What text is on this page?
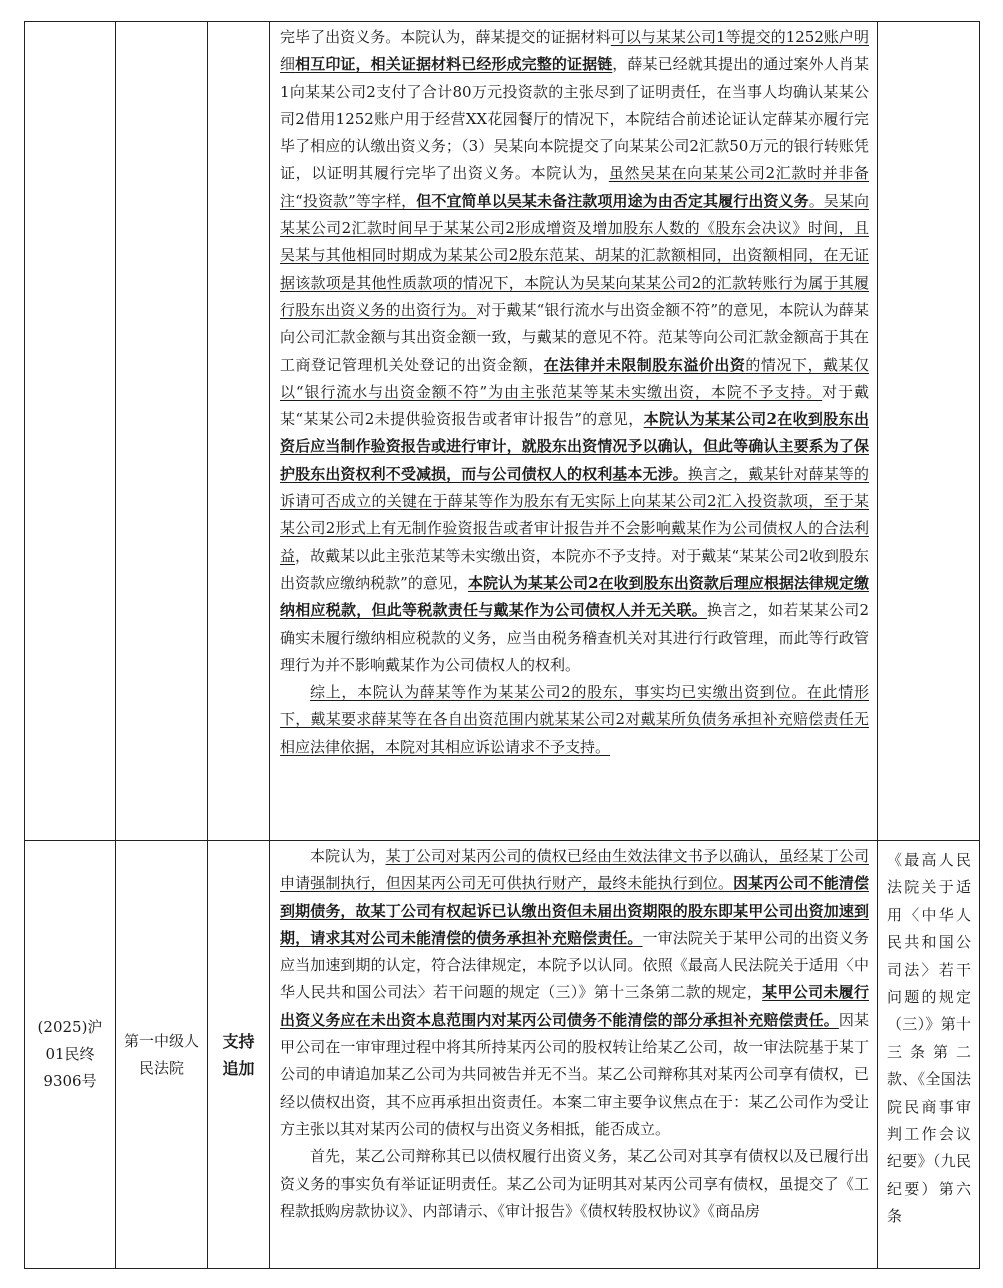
			完毕了出资义务。本院认为，薛某提交的证据材料可以与某某公司1等提交的1252账户明细相互印证，相关证据材料已经形成完整的证据链，薛某已经就其提出的通过案外人肖某1向某某公司2支付了合计80万元投资款的主张尽到了证明责任，在当事人均确认某某公司2借用1252账户用于经营XX花园餐厅的情况下，本院结合前述论证认定薛某亦履行完毕了相应的认缴出资义务；（3）吴某向本院提交了向某某公司2汇款50万元的银行转账凭证，以证明其履行完毕了出资义务。本院认为，虽然吴某在向某某公司2汇款时并非备注“投资款”等字样，但不宜简单以吴某未备注款项用途为由否定其履行出资义务。吴某向某某公司2汇款时间早于某某公司2形成增资及增加股东人数的《股东会决议》时间，且吴某与其他相同时期成为某某公司2股东范某、胡某的汇款额相同，出资额相同，在无证据该款项是其他性质款项的情况下，本院认为吴某向某某公司2的汇款转账行为属于其履行股东出资义务的出资行为。对于戴某“银行流水与出资金额不符”的意见，本院认为薛某向公司汇款金额与其出资金额一致，与戴某的意见不符。范某等向公司汇款金额高于其在工商登记管理机关处登记的出资金额，在法律并未限制股东溢价出资的情况下，戴某仅以“银行流水与出资金额不符”为由主张范某等某未实缴出资，本院不予支持。对于戴某“某某公司2未提供验资报告或者审计报告”的意见，本院认为某某公司2在收到股东出资后应当制作验资报告或进行审计，就股东出资情况予以确认，但此等确认主要系为了保护股东出资权利不受减损，而与公司债权人的权利基本无涉。换言之，戴某针对薛某等的诉请可否成立的关键在于薛某等作为股东有无实际上向某某公司2汇入投资款项，至于某某公司2形式上有无制作验资报告或者审计报告并不会影响戴某作为公司债权人的合法利益，故戴某以此主张范某等未实缴出资，本院亦不予支持。对于戴某“某某公司2收到股东出资款应缴纳税款”的意见，本院认为某某公司2在收到股东出资款后理应根据法律规定缴纳相应税款，但此等税款责任与戴某作为公司债权人并无关联。换言之，如若某某公司2确实未履行缴纳相应税款的义务，应当由税务稽查机关对其进行行政管理，而此等行政管理行为并不影响戴某作为公司债权人的权利。

综上，本院认为薛某等作为某某公司2的股东，事实均已实缴出资到位。在此情形下，戴某要求薛某等在各自出资范围内就某某公司2对戴某所负债务承担补充赔偿责任无相应法律依据，本院对其相应诉讼请求不予支持。	

(2025)沪01民终9306号	第一中级人民法院	支持追加	本院认为，某丁公司对某丙公司的债权已经由生效法律文书予以确认，虽经某丁公司申请强制执行，但因某丙公司无可供执行财产，最终未能执行到位。因某丙公司不能清偿到期债务，故某丁公司有权起诉已认缴出资但未届出资期限的股东即某甲公司出资加速到期，请求其对公司未能清偿的债务承担补充赔偿责任。一审法院关于某甲公司的出资义务应当加速到期的认定，符合法律规定，本院予以认同。依照《最高人民法院关于适用〈中华人民共和国公司法〉若干问题的规定（三）》第十三条第二款的规定，某甲公司未履行出资义务应在未出资本息范围内对某丙公司债务不能清偿的部分承担补充赔偿责任。因某甲公司在一审审理过程中将其所持某丙公司的股权转让给某乙公司，故一审法院基于某丁公司的申请追加某乙公司为共同被告并无不当。某乙公司辩称其对某丙公司享有债权，已经以债权出资，其不应再承担出资责任。本案二审主要争议焦点在于：某乙公司作为受让方主张以其对某丙公司的债权与出资义务相抵，能否成立。

首先，某乙公司辩称其已以债权履行出资义务，某乙公司对其享有债权以及已履行出资义务的事实负有举证证明责任。某乙公司为证明其对某丙公司享有债权，虽提交了《工程款抵购房款协议》、内部请示、《审计报告》《债权转股权协议》《商品房	《最高人民法院关于适用〈中华人民共和国公司法〉若干问题的规定（三）》第十三条第二款、《全国法院民商事审判工作会议纪要》（九民纪要）第六条
